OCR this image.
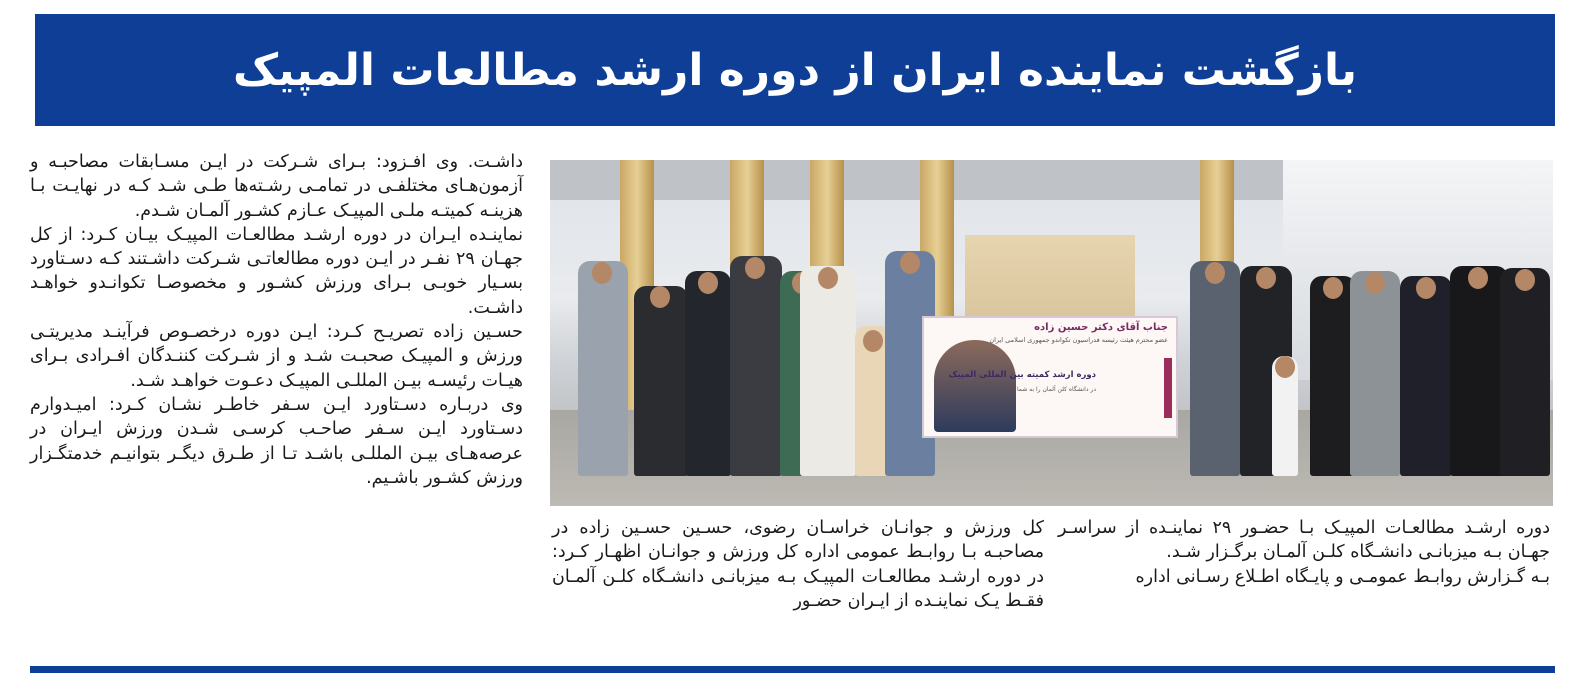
بازگشت نماینده ایران از دوره ارشد مطالعات المپیک
جناب آقای دکتر حسین زاده
عضو محترم هیئت رئیسه فدراسیون تکواندو جمهوری اسلامی ایران
دوره ارشد کمیته بین المللی المپیک
در دانشگاه کلن آلمان را به شما تبریک عرض می نماییم

دوره ارشـد مطالعـات المپیـک بـا حضـور ۲۹ نماینـده از سراسـر جهـان بـه میزبانـی دانشـگاه کلـن آلمـان برگـزار شـد.

بـه گـزارش روابـط عمومـی و پایـگاه اطـلاع رسـانی اداره

کل ورزش و جوانـان خراسـان رضوی، حسـین حسـین زاده در مصاحبـه بـا روابـط عمومی اداره کل ورزش و جوانـان اظهـار کـرد: در دوره ارشـد مطالعـات المپیـک بـه میزبانـی دانشـگاه کلـن آلمـان فقـط یـک نماینـده از ایـران حضـور

داشـت. وی افـزود: بـرای شـرکت در ایـن مسـابقات مصاحبـه و آزمون‌هـای مختلفـی در تمامـی رشـته‌ها طـی شـد کـه در نهایـت بـا هزینـه کمیتـه ملـی المپیـک عـازم کشـور آلمـان شـدم.

نماینـده ایـران در دوره ارشـد مطالعـات المپیـک بیـان کـرد: از کل جهـان ۲۹ نفـر در ایـن دوره مطالعاتـی شـرکت داشـتند کـه دسـتاورد بسـیار خوبـی بـرای ورزش کشـور و مخصوصـا تکوانـدو خواهـد داشـت.

حسـین زاده تصریـح کـرد: ایـن دوره درخصـوص فرآینـد مدیریتـی ورزش و المپیـک صحبـت شـد و از شـرکت کننـدگان افـرادی بـرای هیـات رئیسـه بیـن المللـی المپیـک دعـوت خواهـد شـد.

وی دربـاره دسـتاورد ایـن سـفر خاطـر نشـان کـرد: امیـدوارم دسـتاورد ایـن سـفر صاحـب کرسـی شـدن ورزش ایـران در عرصه‌هـای بیـن المللـی باشـد تـا از طـرق دیگـر بتوانیـم خدمتگـزار ورزش کشـور باشـیم.
